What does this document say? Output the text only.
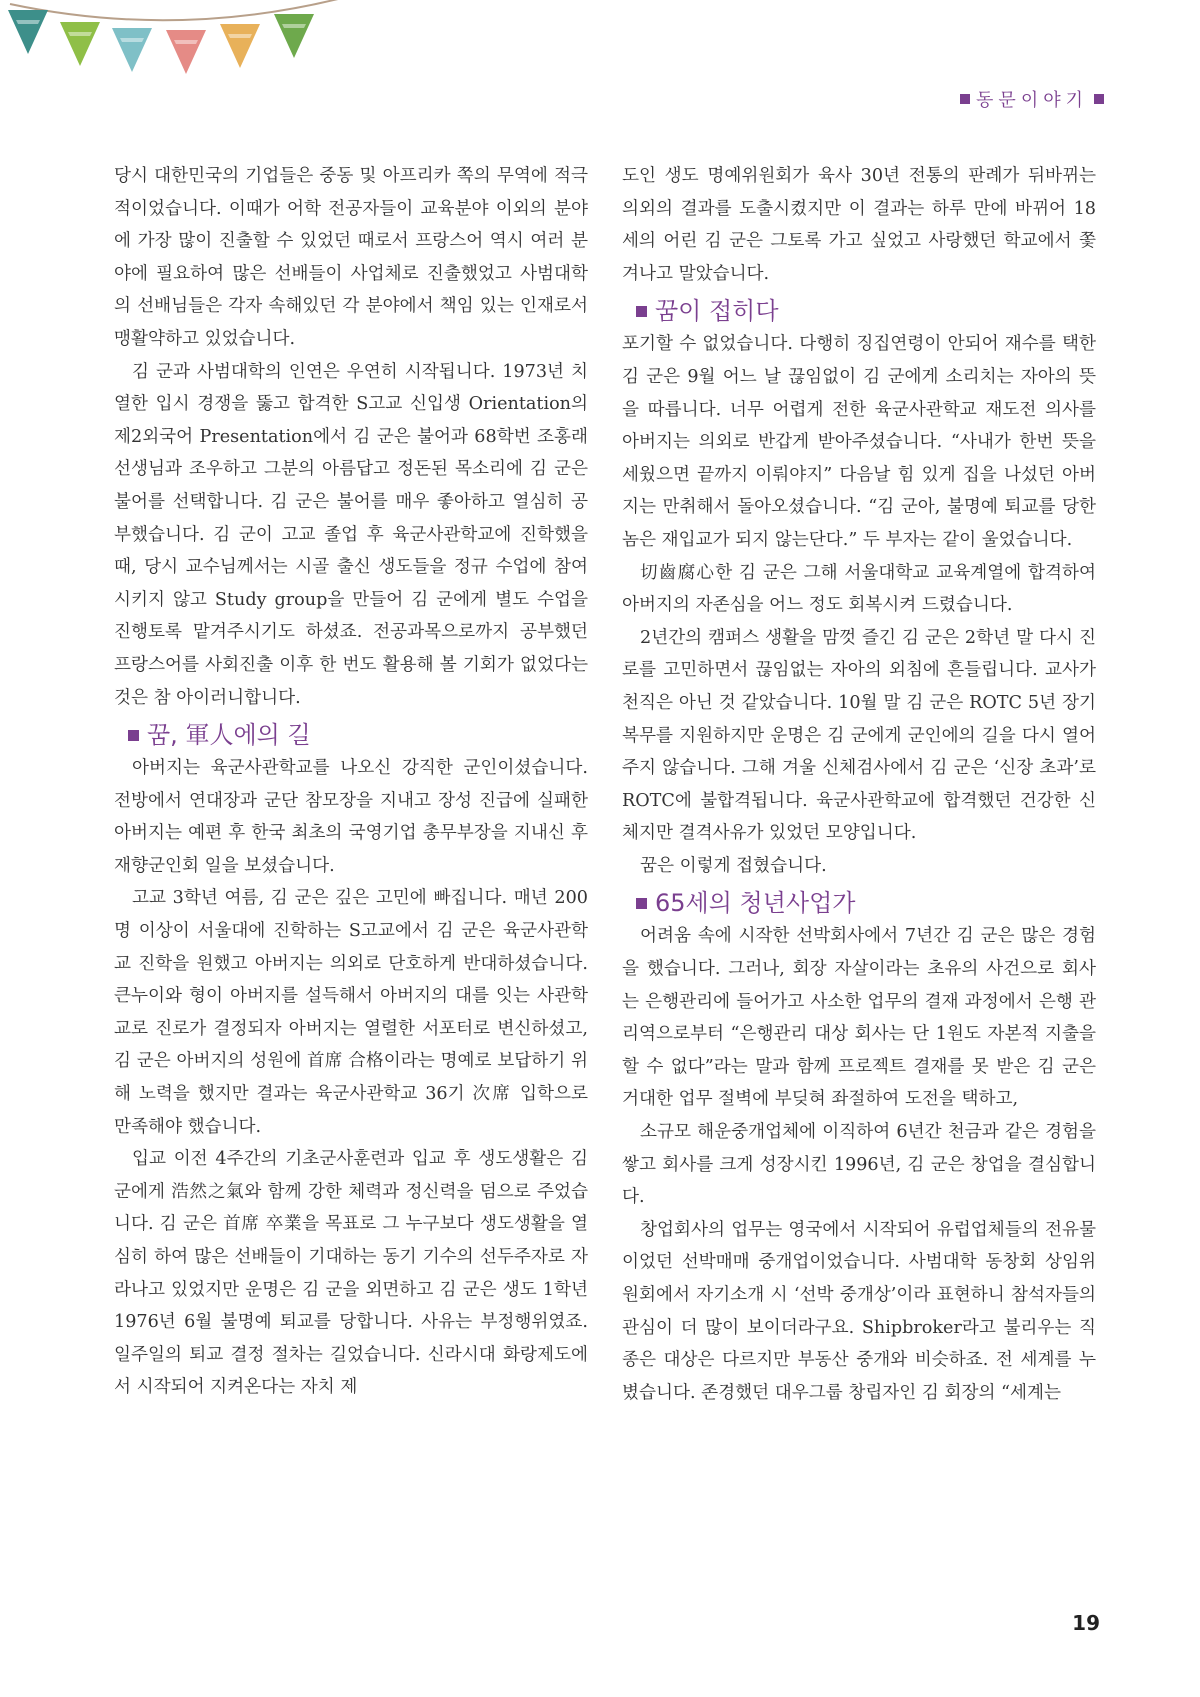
동문이야기

당시 대한민국의 기업들은 중동 및 아프리카 쪽의 무역에 적극적이었습니다. 이때가 어학 전공자들이 교육분야 이외의 분야에 가장 많이 진출할 수 있었던 때로서 프랑스어 역시 여러 분야에 필요하여 많은 선배들이 사업체로 진출했었고 사범대학의 선배님들은 각자 속해있던 각 분야에서 책임 있는 인재로서 맹활약하고 있었습니다.

김 군과 사범대학의 인연은 우연히 시작됩니다. 1973년 치열한 입시 경쟁을 뚫고 합격한 S고교 신입생 Orientation의 제2외국어 Presentation에서 김 군은 불어과 68학번 조홍래 선생님과 조우하고 그분의 아름답고 정돈된 목소리에 김 군은 불어를 선택합니다. 김 군은 불어를 매우 좋아하고 열심히 공부했습니다. 김 군이 고교 졸업 후 육군사관학교에 진학했을 때, 당시 교수님께서는 시골 출신 생도들을 정규 수업에 참여시키지 않고 Study group을 만들어 김 군에게 별도 수업을 진행토록 맡겨주시기도 하셨죠. 전공과목으로까지 공부했던 프랑스어를 사회진출 이후 한 번도 활용해 볼 기회가 없었다는 것은 참 아이러니합니다.

꿈, 軍人에의 길

아버지는 육군사관학교를 나오신 강직한 군인이셨습니다. 전방에서 연대장과 군단 참모장을 지내고 장성 진급에 실패한 아버지는 예편 후 한국 최초의 국영기업 총무부장을 지내신 후 재향군인회 일을 보셨습니다.

고교 3학년 여름, 김 군은 깊은 고민에 빠집니다. 매년 200명 이상이 서울대에 진학하는 S고교에서 김 군은 육군사관학교 진학을 원했고 아버지는 의외로 단호하게 반대하셨습니다. 큰누이와 형이 아버지를 설득해서 아버지의 대를 잇는 사관학교로 진로가 결정되자 아버지는 열렬한 서포터로 변신하셨고, 김 군은 아버지의 성원에 首席 合格이라는 명예로 보답하기 위해 노력을 했지만 결과는 육군사관학교 36기 次席 입학으로 만족해야 했습니다.

입교 이전 4주간의 기초군사훈련과 입교 후 생도생활은 김 군에게 浩然之氣와 함께 강한 체력과 정신력을 덤으로 주었습니다. 김 군은 首席 卒業을 목표로 그 누구보다 생도생활을 열심히 하여 많은 선배들이 기대하는 동기 기수의 선두주자로 자라나고 있었지만 운명은 김 군을 외면하고 김 군은 생도 1학년 1976년 6월 불명예 퇴교를 당합니다. 사유는 부정행위였죠. 일주일의 퇴교 결정 절차는 길었습니다. 신라시대 화랑제도에서 시작되어 지켜온다는 자치 제

도인 생도 명예위원회가 육사 30년 전통의 판례가 뒤바뀌는 의외의 결과를 도출시켰지만 이 결과는 하루 만에 바뀌어 18세의 어린 김 군은 그토록 가고 싶었고 사랑했던 학교에서 쫓겨나고 말았습니다.

꿈이 접히다

포기할 수 없었습니다. 다행히 징집연령이 안되어 재수를 택한 김 군은 9월 어느 날 끊임없이 김 군에게 소리치는 자아의 뜻을 따릅니다. 너무 어렵게 전한 육군사관학교 재도전 의사를 아버지는 의외로 반갑게 받아주셨습니다. “사내가 한번 뜻을 세웠으면 끝까지 이뤄야지” 다음날 힘 있게 집을 나섰던 아버지는 만취해서 돌아오셨습니다. “김 군아, 불명예 퇴교를 당한 놈은 재입교가 되지 않는단다.” 두 부자는 같이 울었습니다.

切齒腐心한 김 군은 그해 서울대학교 교육계열에 합격하여 아버지의 자존심을 어느 정도 회복시켜 드렸습니다.

2년간의 캠퍼스 생활을 맘껏 즐긴 김 군은 2학년 말 다시 진로를 고민하면서 끊임없는 자아의 외침에 흔들립니다. 교사가 천직은 아닌 것 같았습니다. 10월 말 김 군은 ROTC 5년 장기복무를 지원하지만 운명은 김 군에게 군인에의 길을 다시 열어주지 않습니다. 그해 겨울 신체검사에서 김 군은 ‘신장 초과’로 ROTC에 불합격됩니다. 육군사관학교에 합격했던 건강한 신체지만 결격사유가 있었던 모양입니다.

꿈은 이렇게 접혔습니다.

65세의 청년사업가

어려움 속에 시작한 선박회사에서 7년간 김 군은 많은 경험을 했습니다. 그러나, 회장 자살이라는 초유의 사건으로 회사는 은행관리에 들어가고 사소한 업무의 결재 과정에서 은행 관리역으로부터 “은행관리 대상 회사는 단 1원도 자본적 지출을 할 수 없다”라는 말과 함께 프로젝트 결재를 못 받은 김 군은 거대한 업무 절벽에 부딪혀 좌절하여 도전을 택하고,

소규모 해운중개업체에 이직하여 6년간 천금과 같은 경험을 쌓고 회사를 크게 성장시킨 1996년, 김 군은 창업을 결심합니다.

창업회사의 업무는 영국에서 시작되어 유럽업체들의 전유물이었던 선박매매 중개업이었습니다. 사범대학 동창회 상임위원회에서 자기소개 시 ‘선박 중개상’이라 표현하니 참석자들의 관심이 더 많이 보이더라구요. Shipbroker라고 불리우는 직종은 대상은 다르지만 부동산 중개와 비슷하죠. 전 세계를 누볐습니다. 존경했던 대우그룹 창립자인 김 회장의 “세계는

19
